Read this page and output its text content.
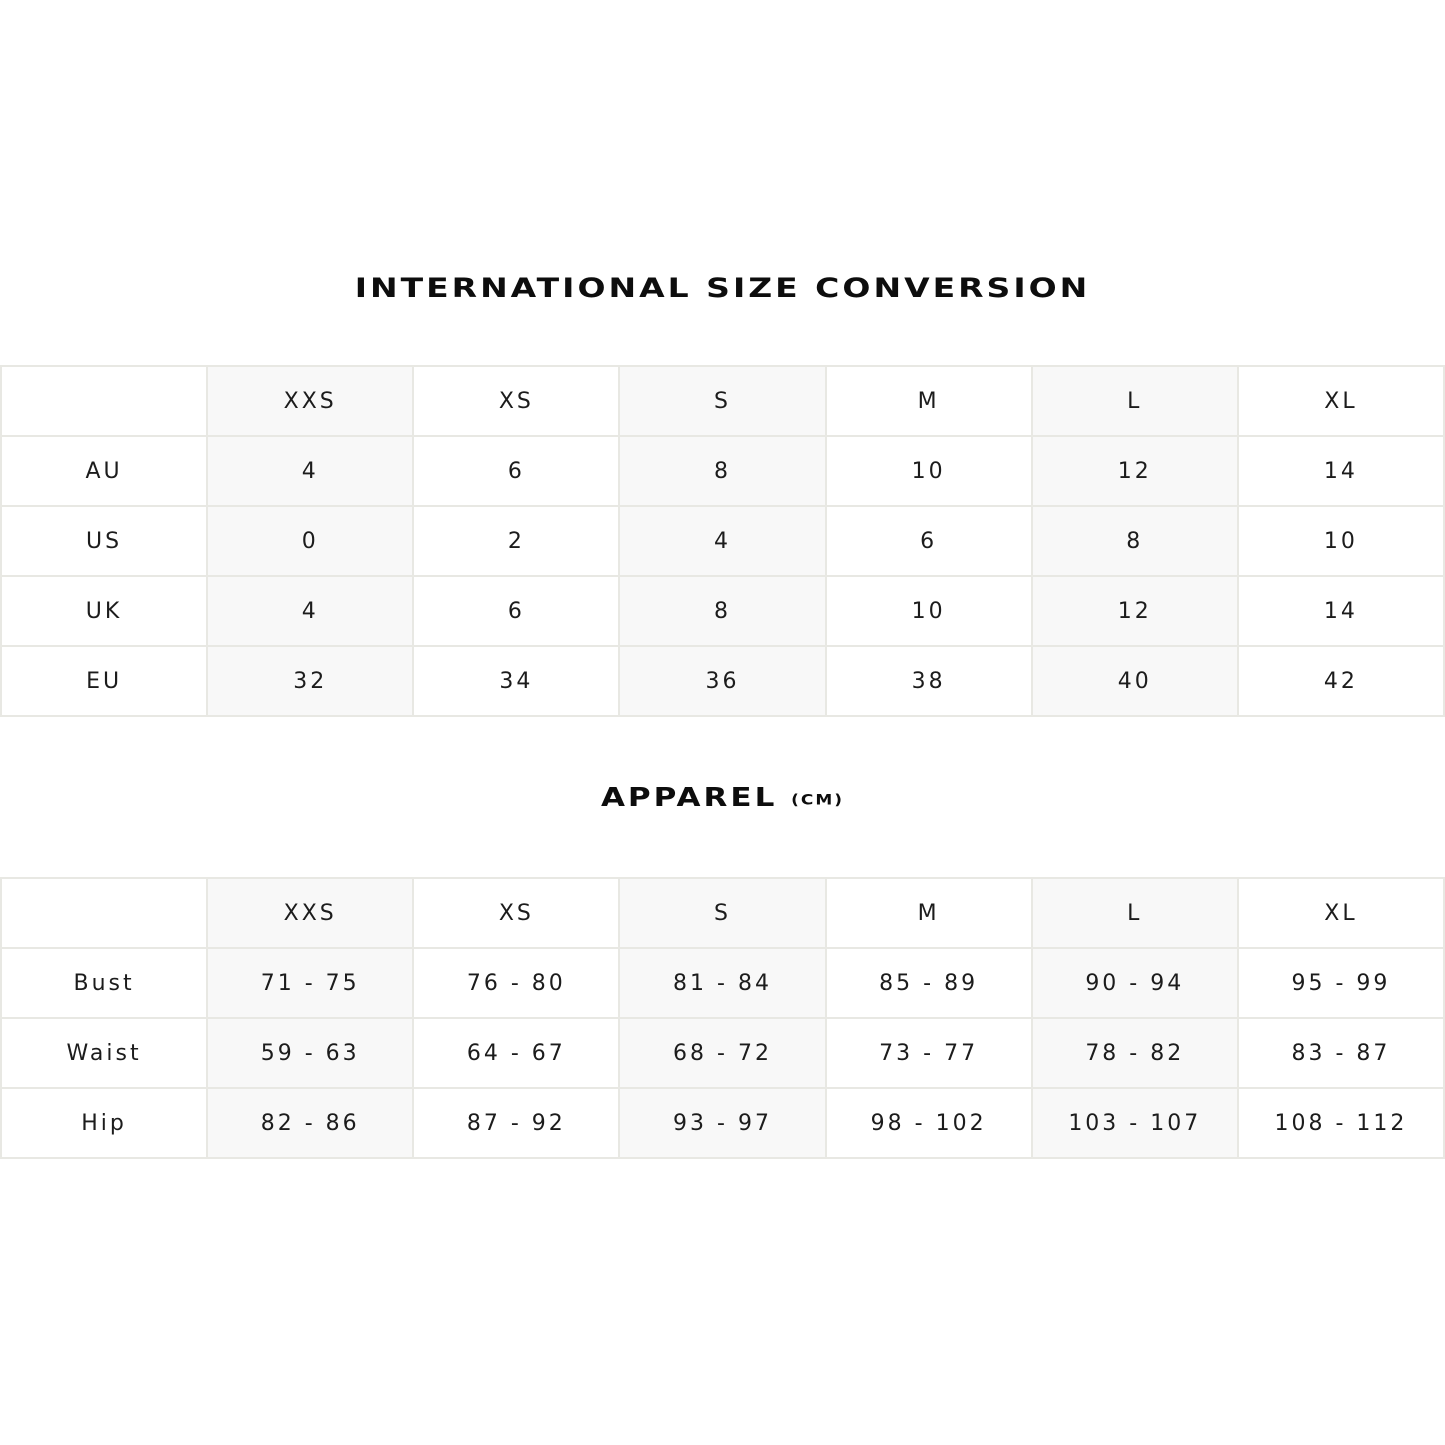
INTERNATIONAL SIZE CONVERSION
	XXS	XS	S	M	L	XL
AU	4	6	8	10	12	14
US	0	2	4	6	8	10
UK	4	6	8	10	12	14
EU	32	34	36	38	40	42
APPAREL (CM)
	XXS	XS	S	M	L	XL
Bust	71 - 75	76 - 80	81 - 84	85 - 89	90 - 94	95 - 99
Waist	59 - 63	64 - 67	68 - 72	73 - 77	78 - 82	83 - 87
Hip	82 - 86	87 - 92	93 - 97	98 - 102	103 - 107	108 - 112
